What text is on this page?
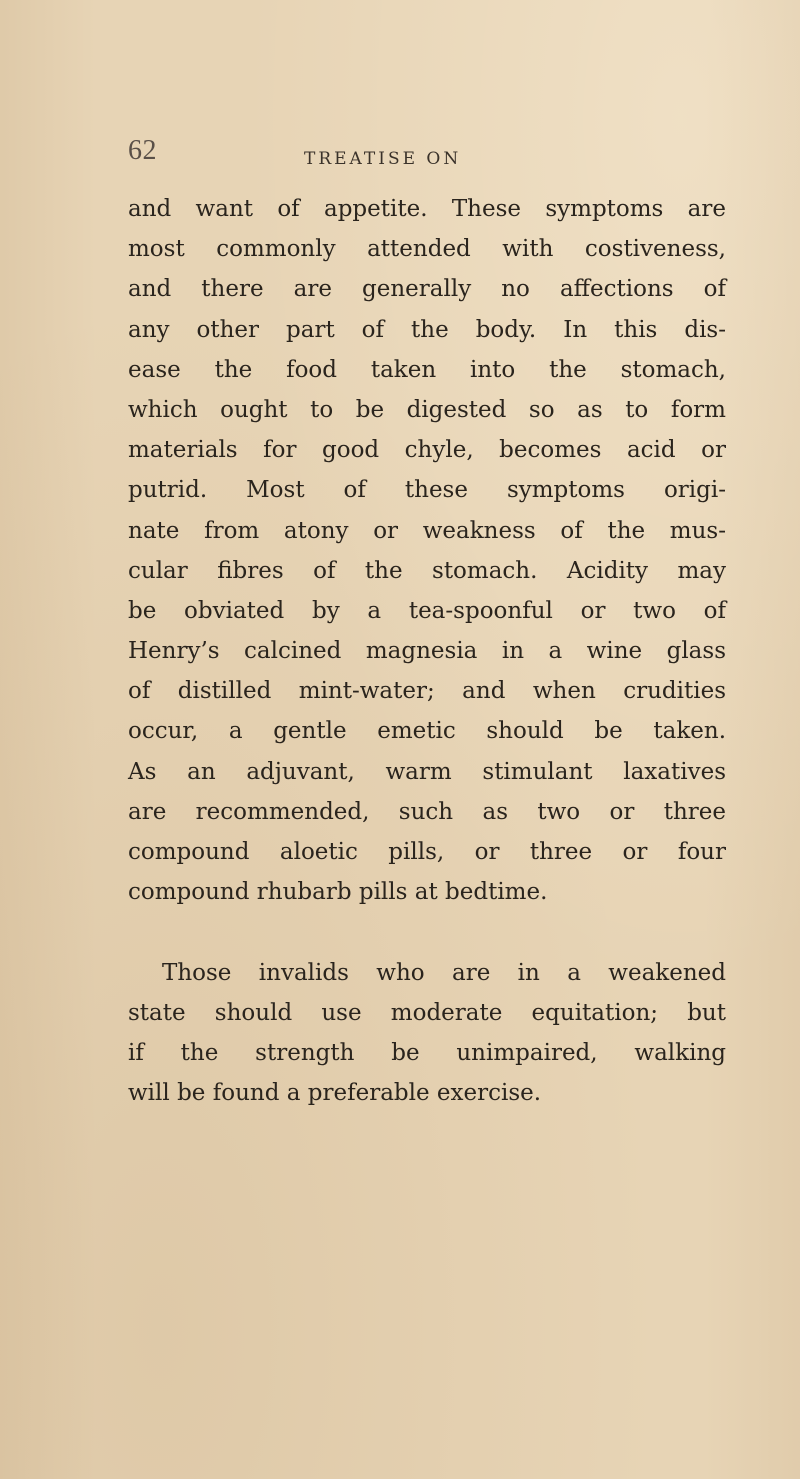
62	TREATISE ON
and want of appetite. These symptoms are
most commonly attended with costiveness,
and there are generally no affections of
any other part of the body. In this dis-
ease the food taken into the stomach,
which ought to be digested so as to form
materials for good chyle, becomes acid or
putrid. Most of these symptoms origi-
nate from atony or weakness of the mus-
cular fibres of the stomach. Acidity may
be obviated by a tea-spoonful or two of
Henry’s calcined magnesia in a wine glass
of distilled mint-water; and when crudities
occur, a gentle emetic should be taken.
As an adjuvant, warm stimulant laxatives
are recommended, such as two or three
compound aloetic pills, or three or four
compound rhubarb pills at bedtime.
Those invalids who are in a weakened
state should use moderate equitation; but
if the strength be unimpaired, walking
will be found a preferable exercise.
